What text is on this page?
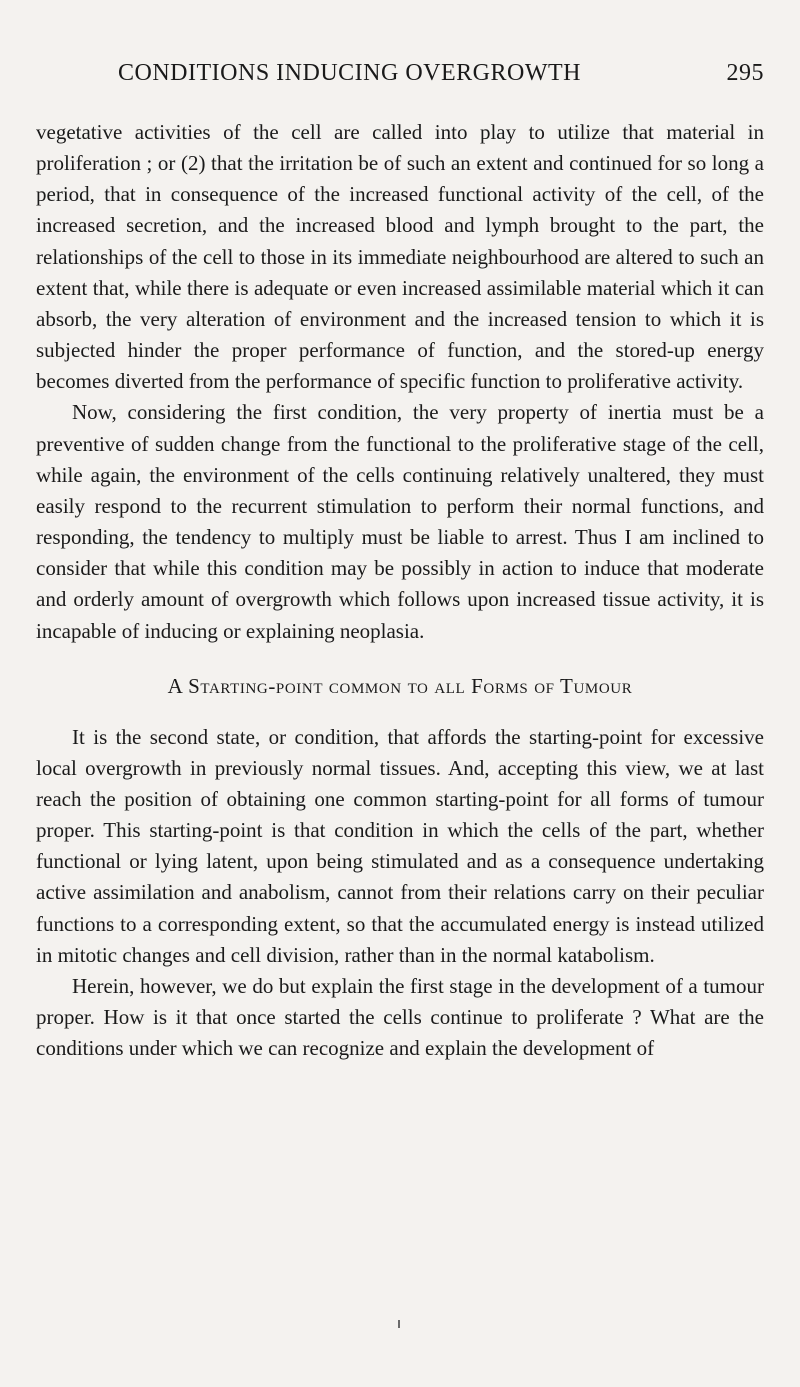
CONDITIONS INDUCING OVERGROWTH	295

vegetative activities of the cell are called into play to utilize that material in proliferation ; or (2) that the irritation be of such an extent and continued for so long a period, that in consequence of the increased functional activity of the cell, of the increased secretion, and the increased blood and lymph brought to the part, the relationships of the cell to those in its immediate neighbourhood are altered to such an extent that, while there is adequate or even increased assimilable material which it can absorb, the very alteration of environment and the increased tension to which it is subjected hinder the proper performance of function, and the stored-up energy becomes diverted from the performance of specific function to proliferative activity.

Now, considering the first condition, the very property of inertia must be a preventive of sudden change from the functional to the proliferative stage of the cell, while again, the environment of the cells continuing relatively unaltered, they must easily respond to the recurrent stimulation to perform their normal functions, and responding, the tendency to multiply must be liable to arrest. Thus I am inclined to consider that while this condition may be possibly in action to induce that moderate and orderly amount of overgrowth which follows upon increased tissue activity, it is incapable of inducing or explaining neoplasia.

A Starting-point common to all Forms of Tumour

It is the second state, or condition, that affords the starting-point for excessive local overgrowth in previously normal tissues. And, accepting this view, we at last reach the position of obtaining one common starting-point for all forms of tumour proper. This starting-point is that condition in which the cells of the part, whether functional or lying latent, upon being stimulated and as a consequence undertaking active assimilation and anabolism, cannot from their relations carry on their peculiar functions to a corresponding extent, so that the accumulated energy is instead utilized in mitotic changes and cell division, rather than in the normal katabolism.

Herein, however, we do but explain the first stage in the development of a tumour proper. How is it that once started the cells continue to proliferate ? What are the conditions under which we can recognize and explain the development of
